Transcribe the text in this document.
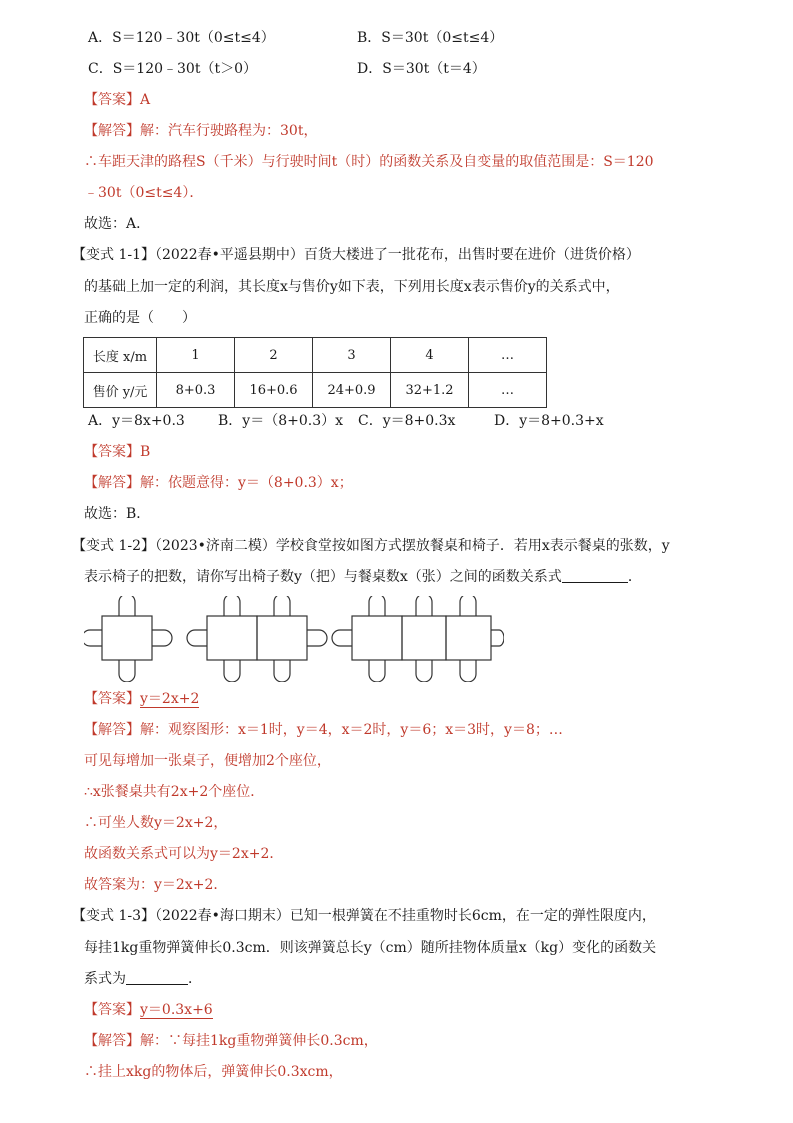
A．S＝120﹣30t（0≤t≤4）	B．S＝30t（0≤t≤4）
C．S＝120﹣30t（t＞0）	D．S＝30t（t＝4）
【答案】A
【解答】解：汽车行驶路程为：30t，
∴车距天津的路程S（千米）与行驶时间t（时）的函数关系及自变量的取值范围是：S＝120
﹣30t（0≤t≤4）．
故选：A．
【变式 1-1】（2022春•平遥县期中）百货大楼进了一批花布，出售时要在进价（进货价格）
的基础上加一定的利润，其长度x与售价y如下表，下列用长度x表示售价y的关系式中，
正确的是（　　）
长度 x/m	1	2	3	4	…
售价 y/元	8+0.3	16+0.6	24+0.9	32+1.2	…
A．y＝8x+0.3 B．y＝（8+0.3）x C．y＝8+0.3x	D．y＝8+0.3+x
【答案】B
【解答】解：依题意得：y＝（8+0.3）x；
故选：B．
【变式 1-2】（2023•济南二模）学校食堂按如图方式摆放餐桌和椅子．若用x表示餐桌的张数，y
表示椅子的把数，请你写出椅子数y（把）与餐桌数x（张）之间的函数关系式	．
【答案】y＝2x+2
【解答】解：观察图形：x＝1时，y＝4，x＝2时，y＝6；x＝3时，y＝8；…
可见每增加一张桌子，便增加2个座位，
∴x张餐桌共有2x+2个座位．
∴可坐人数y＝2x+2，
故函数关系式可以为y＝2x+2．
故答案为：y＝2x+2．
【变式 1-3】（2022春•海口期末）已知一根弹簧在不挂重物时长6cm，在一定的弹性限度内，
每挂1kg重物弹簧伸长0.3cm．则该弹簧总长y（cm）随所挂物体质量x（kg）变化的函数关
系式为	．
【答案】y＝0.3x+6
【解答】解：∵每挂1kg重物弹簧伸长0.3cm，
∴挂上xkg的物体后，弹簧伸长0.3xcm，
